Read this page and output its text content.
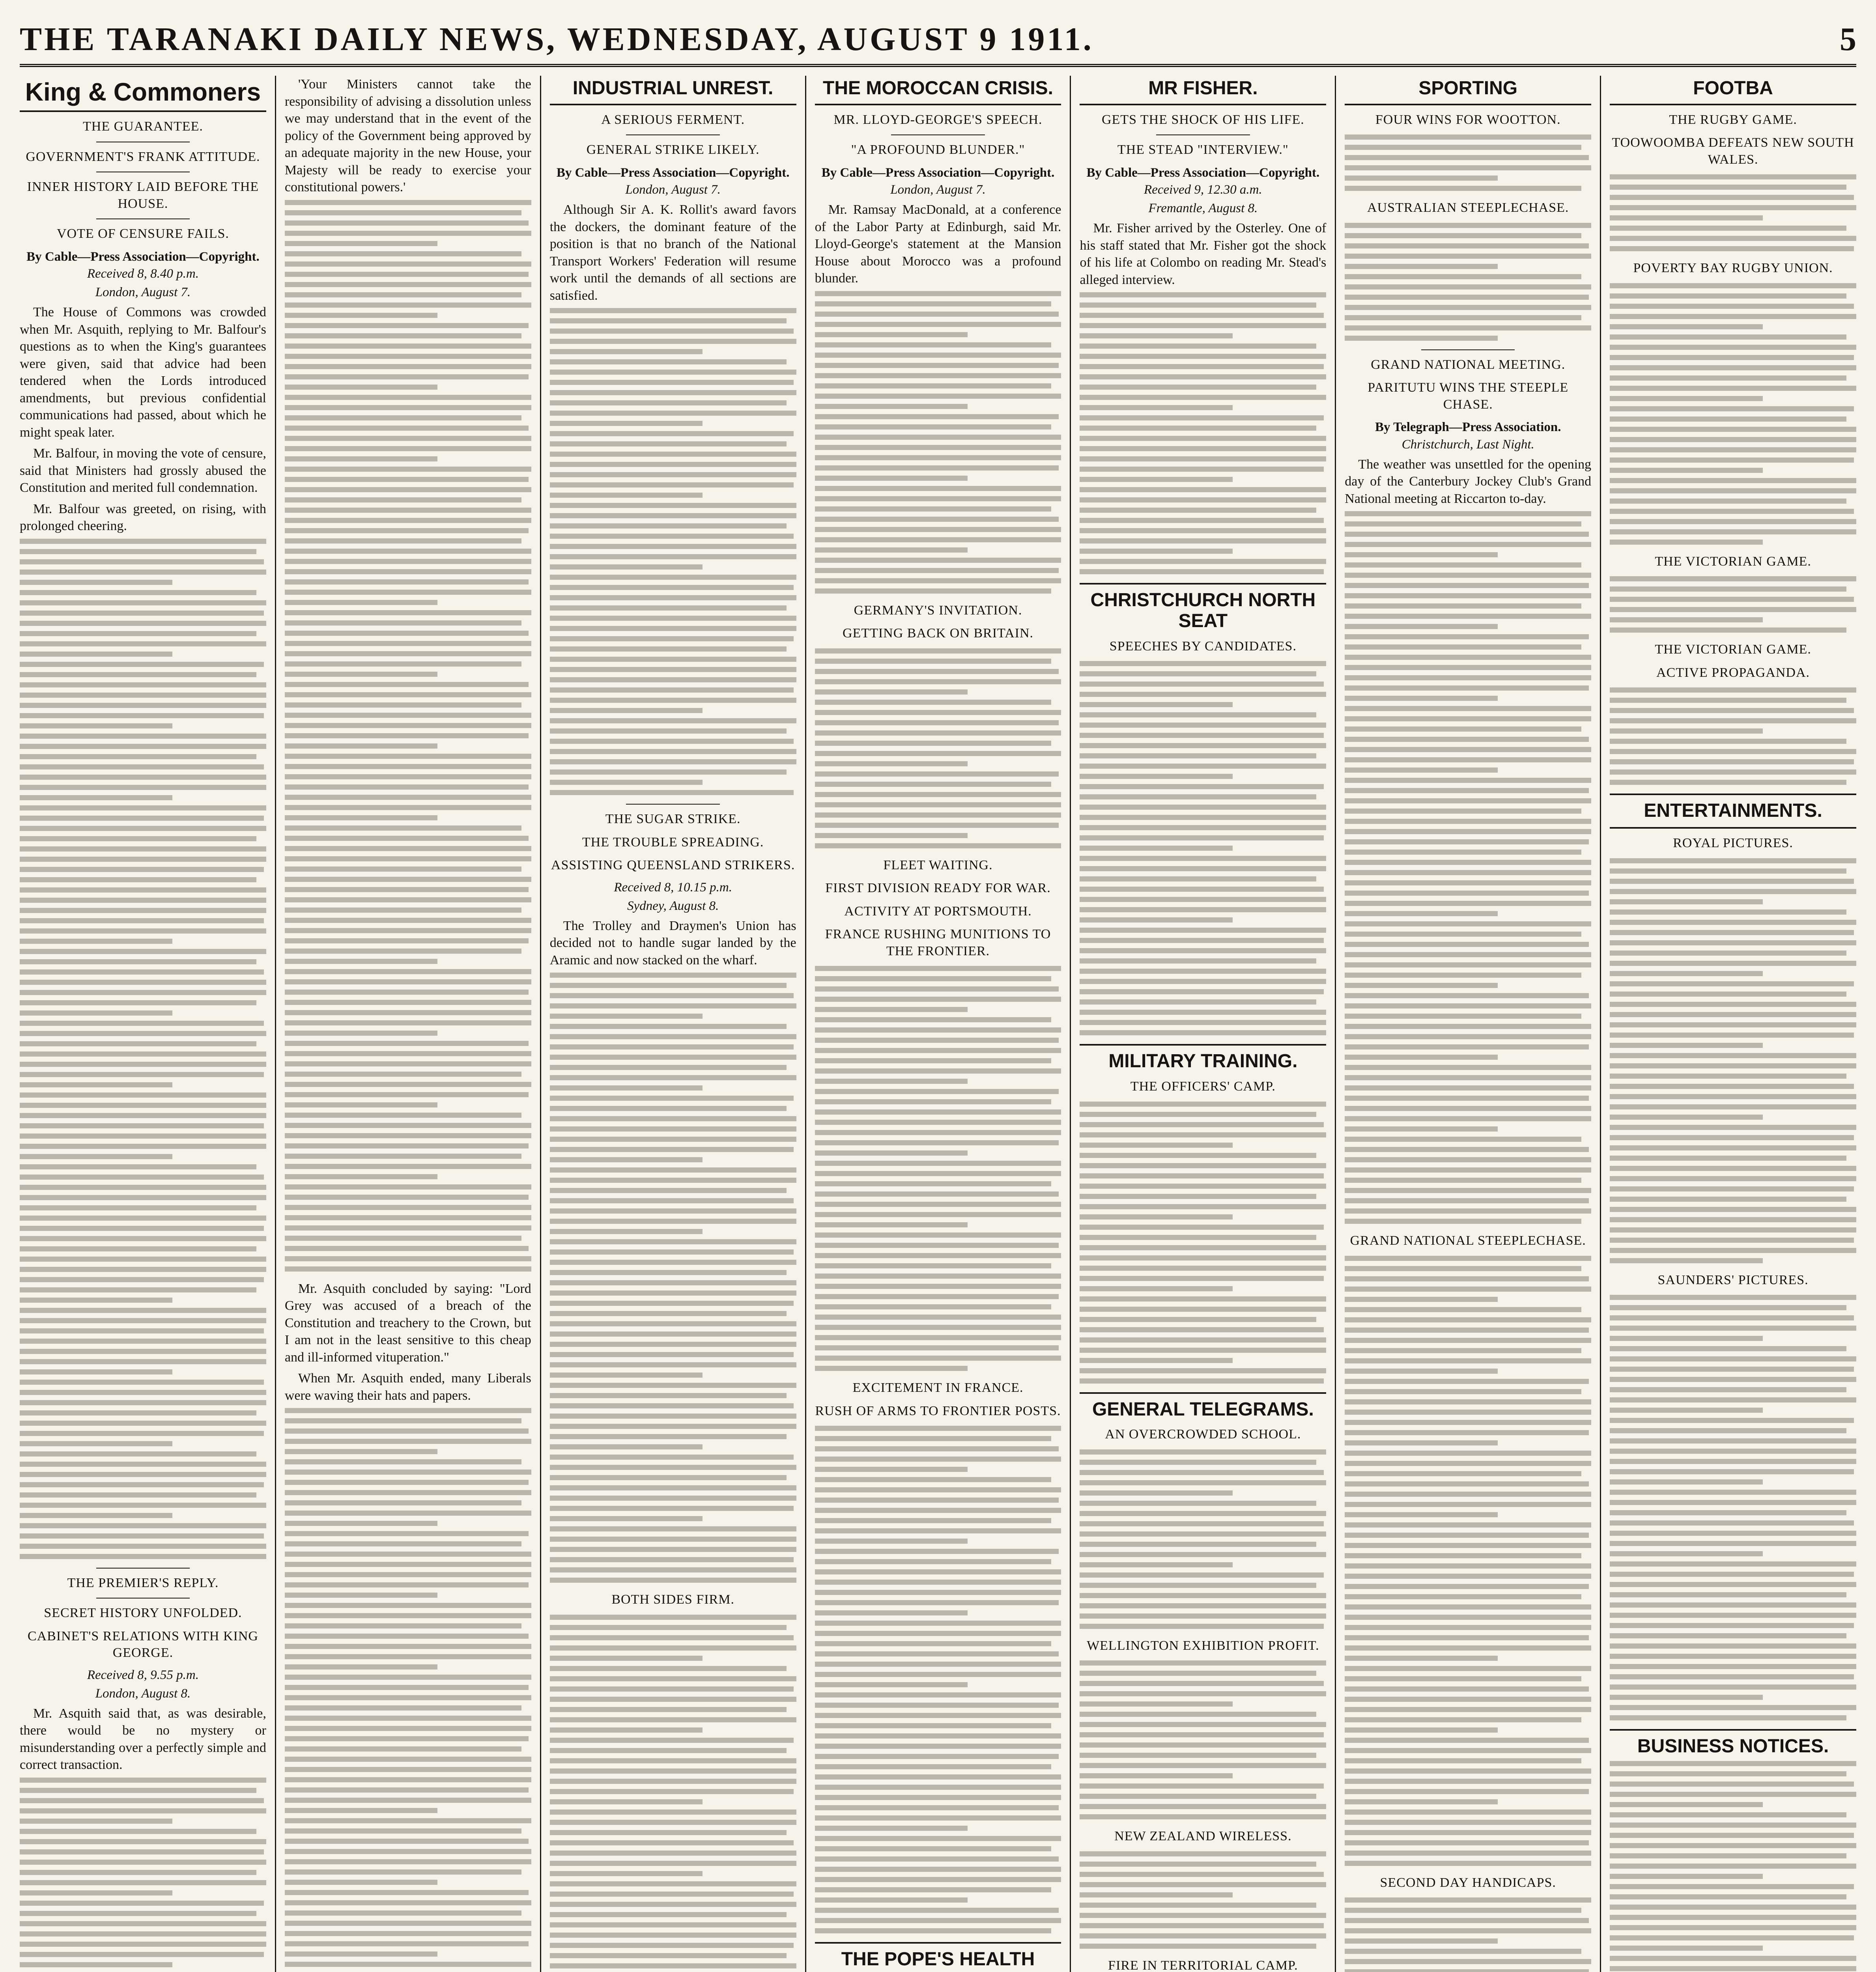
THE TARANAKI DAILY NEWS, WEDNESDAY, AUGUST 9 1911.	5
King & Commoners
THE GUARANTEE.
GOVERNMENT'S FRANK ATTITUDE.
INNER HISTORY LAID BEFORE THE HOUSE.
VOTE OF CENSURE FAILS.
By Cable—Press Association—Copyright.
Received 8, 8.40 p.m.
London, August 7.

The House of Commons was crowded when Mr. Asquith, replying to Mr. Balfour's questions as to when the King's guarantees were given, said that advice had been tendered when the Lords introduced amendments, but previous confidential communications had passed, about which he might speak later.

Mr. Balfour, in moving the vote of censure, said that Ministers had grossly abused the Constitution and merited full condemnation.

Mr. Balfour was greeted, on rising, with prolonged cheering.

THE PREMIER'S REPLY.
SECRET HISTORY UNFOLDED.
CABINET'S RELATIONS WITH KING GEORGE.
Received 8, 9.55 p.m.
London, August 8.

Mr. Asquith said that, as was desirable, there would be no mystery or misunderstanding over a perfectly simple and correct transaction.

'Your Ministers cannot take the responsibility of advising a dissolution unless we may understand that in the event of the policy of the Government being approved by an adequate majority in the new House, your Majesty will be ready to exercise your constitutional powers.'

Mr. Asquith concluded by saying: "Lord Grey was accused of a breach of the Constitution and treachery to the Crown, but I am not in the least sensitive to this cheap and ill-informed vituperation."

When Mr. Asquith ended, many Liberals were waving their hats and papers.

INDUSTRIAL UNREST.
A SERIOUS FERMENT.
GENERAL STRIKE LIKELY.
By Cable—Press Association—Copyright.
London, August 7.

Although Sir A. K. Rollit's award favors the dockers, the dominant feature of the position is that no branch of the National Transport Workers' Federation will resume work until the demands of all sections are satisfied.

THE SUGAR STRIKE.
THE TROUBLE SPREADING.
ASSISTING QUEENSLAND STRIKERS.
Received 8, 10.15 p.m.
Sydney, August 8.

The Trolley and Draymen's Union has decided not to handle sugar landed by the Aramic and now stacked on the wharf.

BOTH SIDES FIRM.
THE MOROCCAN CRISIS.
MR. LLOYD-GEORGE'S SPEECH.
"A PROFOUND BLUNDER."
By Cable—Press Association—Copyright.
London, August 7.

Mr. Ramsay MacDonald, at a conference of the Labor Party at Edinburgh, said Mr. Lloyd-George's statement at the Mansion House about Morocco was a profound blunder.

GERMANY'S INVITATION.
GETTING BACK ON BRITAIN.
FLEET WAITING.
FIRST DIVISION READY FOR WAR.
ACTIVITY AT PORTSMOUTH.
FRANCE RUSHING MUNITIONS TO THE FRONTIER.
EXCITEMENT IN FRANCE.
RUSH OF ARMS TO FRONTIER POSTS.
THE POPE'S HEALTH
MR FISHER.
GETS THE SHOCK OF HIS LIFE.
THE STEAD "INTERVIEW."
By Cable—Press Association—Copyright.
Received 9, 12.30 a.m.
Fremantle, August 8.

Mr. Fisher arrived by the Osterley. One of his staff stated that Mr. Fisher got the shock of his life at Colombo on reading Mr. Stead's alleged interview.

CHRISTCHURCH NORTH SEAT
SPEECHES BY CANDIDATES.
MILITARY TRAINING.
THE OFFICERS' CAMP.
GENERAL TELEGRAMS.
AN OVERCROWDED SCHOOL.
WELLINGTON EXHIBITION PROFIT.
NEW ZEALAND WIRELESS.
FIRE IN TERRITORIAL CAMP.
SPORTING
FOUR WINS FOR WOOTTON.
AUSTRALIAN STEEPLECHASE.
GRAND NATIONAL MEETING.
PARITUTU WINS THE STEEPLE CHASE.
By Telegraph—Press Association.
Christchurch, Last Night.

The weather was unsettled for the opening day of the Canterbury Jockey Club's Grand National meeting at Riccarton to-day.

GRAND NATIONAL STEEPLECHASE.
SECOND DAY HANDICAPS.
FOOTBA
THE RUGBY GAME.
TOOWOOMBA DEFEATS NEW SOUTH WALES.
POVERTY BAY RUGBY UNION.
THE VICTORIAN GAME.
THE VICTORIAN GAME.
ACTIVE PROPAGANDA.
ENTERTAINMENTS.
ROYAL PICTURES.
SAUNDERS' PICTURES.
BUSINESS NOTICES.
